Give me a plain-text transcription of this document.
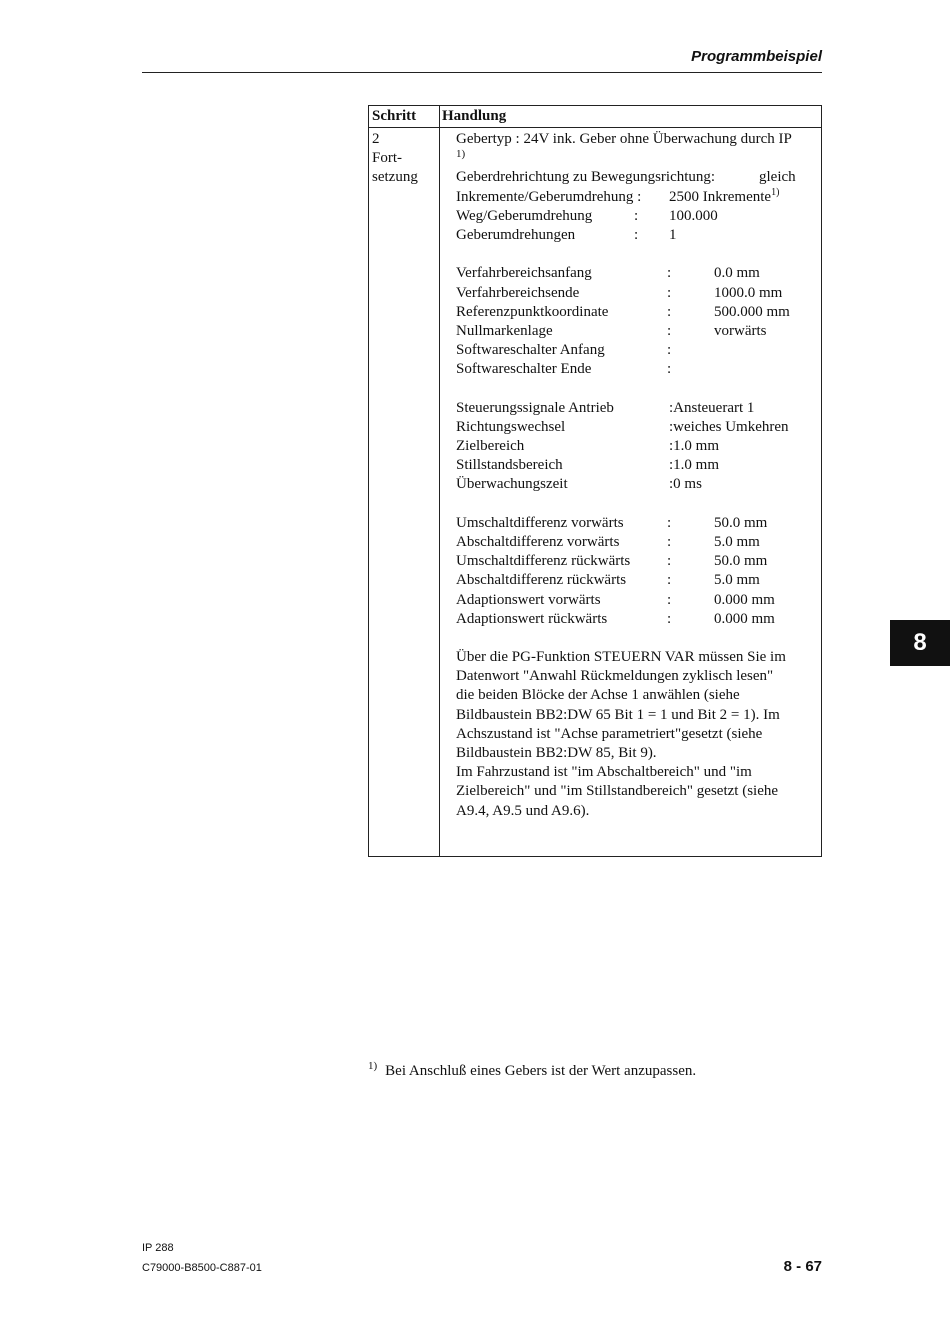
Programmbeispiel
Schritt Handlung
2
Fort-
setzung
Gebertyp : 24V ink. Geber ohne Überwachung durch IP
1)
Geberdrehrichtung zu Bewegungsrichtung:	gleich
Inkremente/Geberumdrehung : 2500 Inkremente$^{1)}$
Weg/Geberumdrehung	: 100.000
Geberumdrehungen	: 1
Verfahrbereichsanfang	:	0.0 mm
Verfahrbereichsende	:	1000.0 mm
Referenzpunktkoordinate	:	500.000 mm
Nullmarkenlage	:	vorwärts
Softwareschalter Anfang	:
Softwareschalter Ende	:
Steuerungssignale Antrieb	:Ansteuerart 1
Richtungswechsel	:weiches Umkehren
Zielbereich	:1.0 mm
Stillstandsbereich	:1.0 mm
Überwachungszeit	:0 ms
Umschaltdifferenz vorwärts	:	50.0 mm
Abschaltdifferenz vorwärts	:	5.0 mm
Umschaltdifferenz rückwärts :	50.0 mm
Abschaltdifferenz rückwärts	:	5.0 mm
Adaptionswert vorwärts	:	0.000 mm
Adaptionswert rückwärts	:	0.000 mm
Über die PG-Funktion STEUERN VAR müssen Sie im
Datenwort "Anwahl Rückmeldungen zyklisch lesen"
die beiden Blöcke der Achse 1 anwählen (siehe
Bildbaustein BB2:DW 65 Bit 1 = 1 und Bit 2 = 1). Im
Achszustand ist "Achse parametriert"gesetzt (siehe
Bildbaustein BB2:DW 85, Bit 9).
Im Fahrzustand ist "im Abschaltbereich" und "im
Zielbereich" und "im Stillstandbereich" gesetzt (siehe
A9.4, A9.5 und A9.6).
8
$^{1)}$ Bei Anschluß eines Gebers ist der Wert anzupassen.
IP 288
C79000-B8500-C887-01	8 - 67
